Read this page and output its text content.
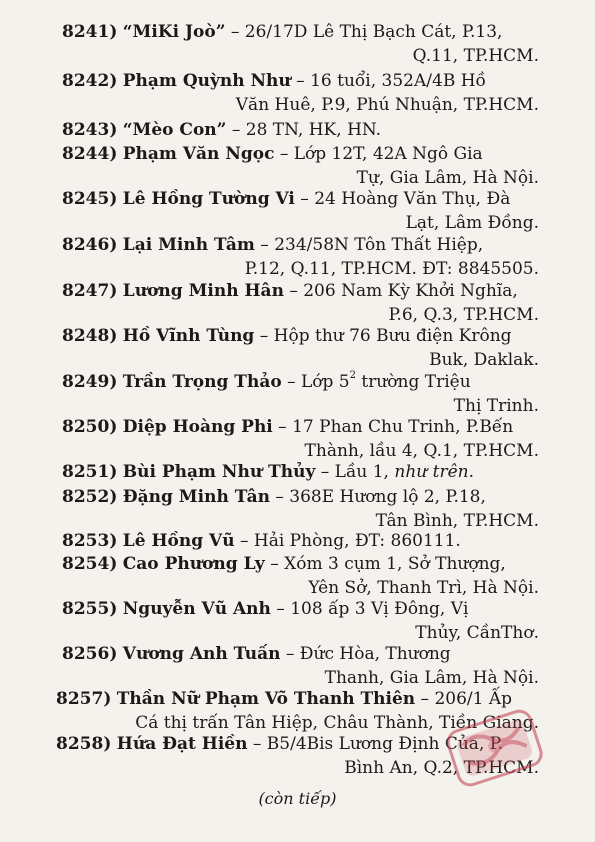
8241) “MiKi Joò” – 26/17D Lê Thị Bạch Cát, P.13,
Q.11, TP.HCM.
8242) Phạm Quỳnh Như – 16 tuổi, 352A/4B Hồ
Văn Huê, P.9, Phú Nhuận, TP.HCM.
8243) “Mèo Con” – 28 TN, HK, HN.
8244) Phạm Văn Ngọc – Lớp 12T, 42A Ngô Gia
Tự, Gia Lâm, Hà Nội.
8245) Lê Hồng Tường Vi – 24 Hoàng Văn Thụ, Đà
Lạt, Lâm Đồng.
8246) Lại Minh Tâm – 234/58N Tôn Thất Hiệp,
P.12, Q.11, TP.HCM. ĐT: 8845505.
8247) Lương Minh Hân – 206 Nam Kỳ Khởi Nghĩa,
P.6, Q.3, TP.HCM.
8248) Hồ Vĩnh Tùng – Hộp thư 76 Bưu điện Krông
Buk, Daklak.
8249) Trần Trọng Thảo – Lớp $5^2$ trường Triệu
Thị Trinh.
8250) Diệp Hoàng Phi – 17 Phan Chu Trinh, P.Bến
Thành, lầu 4, Q.1, TP.HCM.
8251) Bùi Phạm Như Thủy – Lầu 1, như trên.
8252) Đặng Minh Tân – 368E Hương lộ 2, P.18,
Tân Bình, TP.HCM.
8253) Lê Hồng Vũ – Hải Phòng, ĐT: 860111.
8254) Cao Phương Ly – Xóm 3 cụm 1, Sở Thượng,
Yên Sở, Thanh Trì, Hà Nội.
8255) Nguyễn Vũ Anh – 108 ấp 3 Vị Đông, Vị
Thủy, CầnThơ.
8256) Vương Anh Tuấn – Đức Hòa, Thương
Thanh, Gia Lâm, Hà Nội.
8257) Thần Nữ Phạm Võ Thanh Thiên – 206/1 Ấp
Cá thị trấn Tân Hiệp, Châu Thành, Tiền Giang.
8258) Hứa Đạt Hiền – B5/4Bis Lương Định Của, P.
Bình An, Q.2, TP.HCM.
(còn tiếp)
